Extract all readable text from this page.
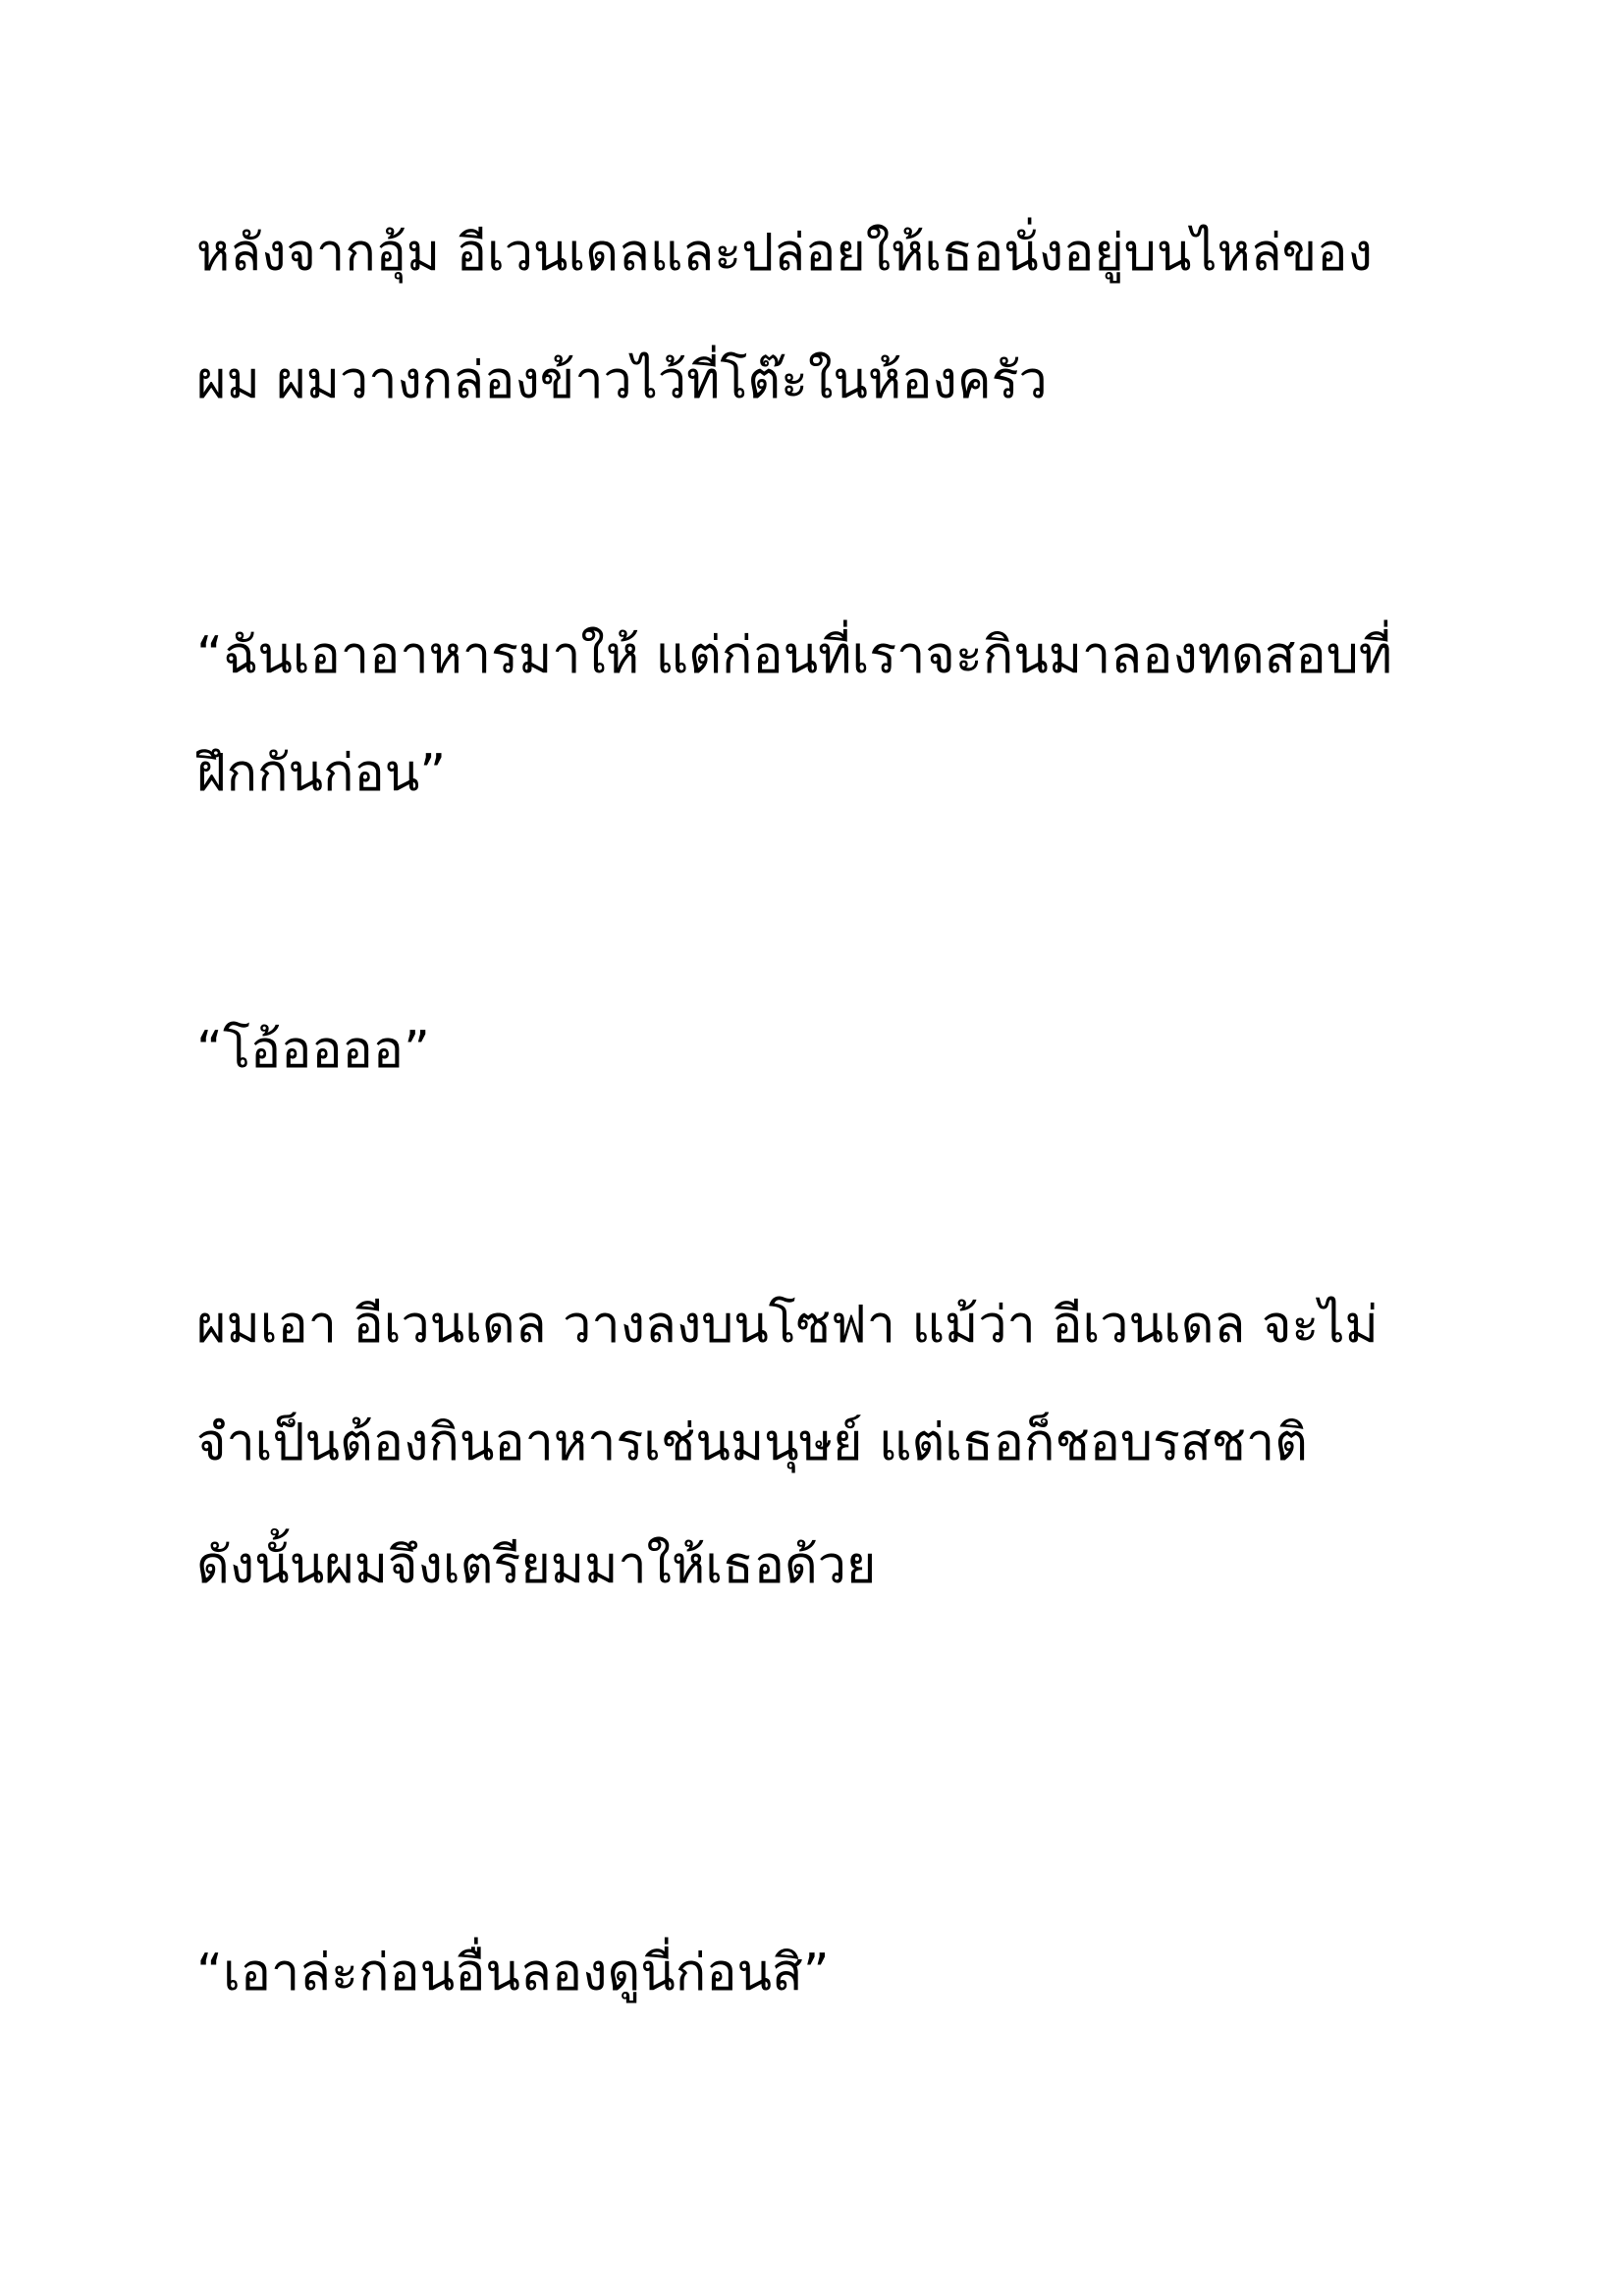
หลังจากอุ้ม อีเวนเดลและปล่อยให้เธอนั่งอยู่บนไหล่ของ
ผม ผมวางกล่องข้าวไว้ที่โต๊ะในห้องครัว
“ฉันเอาอาหารมาให้ แต่ก่อนที่เราจะกินมาลองทดสอบที่
ฝึกกันก่อน”
“โอ้ออออ”
ผมเอา อีเวนเดล วางลงบนโซฟา แม้ว่า อีเวนเดล จะไม่
จำเป็นต้องกินอาหารเช่นมนุษย์ แต่เธอก็ชอบรสชาติ
ดังนั้นผมจึงเตรียมมาให้เธอด้วย
“เอาล่ะก่อนอื่นลองดูนี่ก่อนสิ”
